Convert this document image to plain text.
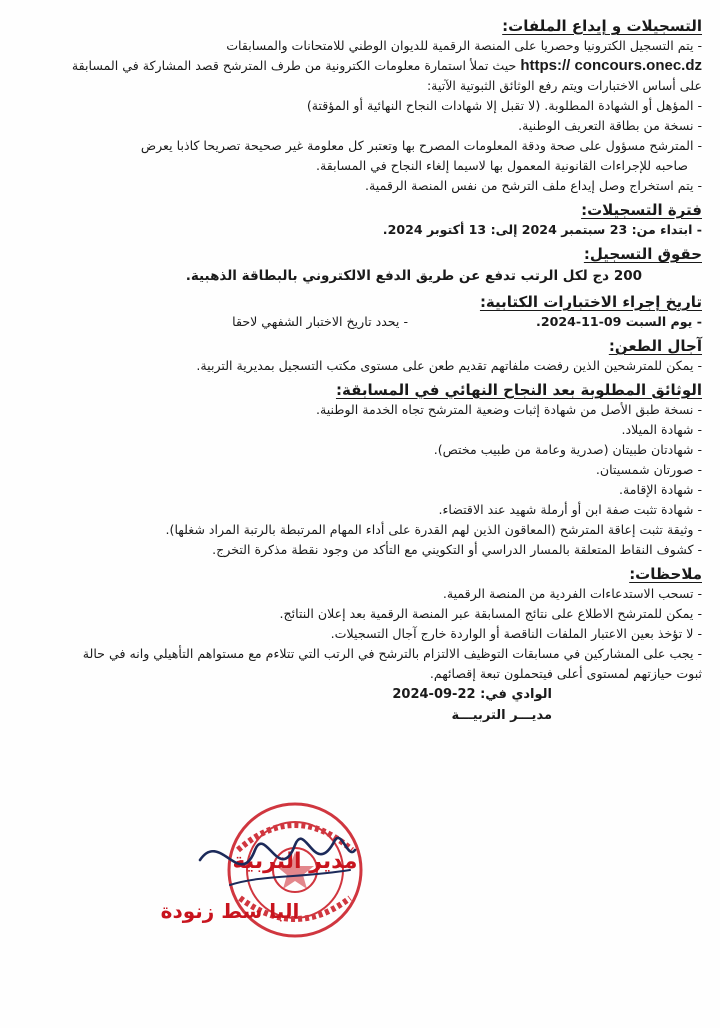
التسجيلات و إيداع الملفات:
- يتم التسجيل الكترونيا وحصريا على المنصة الرقمية للديوان الوطني للامتحانات والمسابقات
https:// concours.onec.dz حيث تملأ استمارة معلومات الكترونية من طرف المترشح قصد المشاركة في المسابقة
على أساس الاختبارات ويتم رفع الوثائق الثبوتية الآتية:
- المؤهل أو الشهادة المطلوبة. (لا تقبل إلا شهادات النجاح النهائية أو المؤقتة)
- نسخة من بطاقة التعريف الوطنية.
- المترشح مسؤول على صحة ودقة المعلومات المصرح بها وتعتبر كل معلومة غير صحيحة تصريحا كاذبا يعرض
صاحبه للإجراءات القانونية المعمول بها لاسيما إلغاء النجاح في المسابقة.
- يتم استخراج وصل إيداع ملف الترشح من نفس المنصة الرقمية.
فترة التسجيلات:
- ابتداء من: 23 سبتمبر 2024 إلى: 13 أكتوبر 2024.
حقوق التسجيل:
200 دج لكل الرتب تدفع عن طريق الدفع الالكتروني بالبطاقة الذهبية.
تاريخ إجراء الاختبارات الكتابية:
- يوم السبت 09-11-2024.  - يحدد تاريخ الاختبار الشفهي لاحقا
آجال الطعن:
- يمكن للمترشحين الذين رفضت ملفاتهم تقديم طعن على مستوى مكتب التسجيل بمديرية التربية.
الوثائق المطلوبة بعد النجاح النهائي في المسابقة:
- نسخة طبق الأصل من شهادة إثبات وضعية المترشح تجاه الخدمة الوطنية.
- شهادة الميلاد.
- شهادتان طبيتان (صدرية وعامة من طبيب مختص).
- صورتان شمسيتان.
- شهادة الإقامة.
- شهادة تثبت صفة ابن أو أرملة شهيد عند الاقتضاء.
- وثيقة تثبت إعاقة المترشح (المعاقون الذين لهم القدرة على أداء المهام المرتبطة بالرتبة المراد شغلها).
- كشوف النقاط المتعلقة بالمسار الدراسي أو التكويني مع التأكد من وجود نقطة مذكرة التخرج.
ملاحظات:
- تسحب الاستدعاءات الفردية من المنصة الرقمية.
- يمكن للمترشح الاطلاع على نتائج المسابقة عبر المنصة الرقمية بعد إعلان النتائج.
- لا تؤخذ بعين الاعتبار الملفات الناقصة أو الواردة خارج آجال التسجيلات.
- يجب على المشاركين في مسابقات التوظيف الالتزام بالترشح في الرتب التي تتلاءم مع مستواهم التأهيلي وانه في حالة
ثبوت حيازتهم لمستوى أعلى فيتحملون تبعة إقصائهم.
الوادي في: 22-09-2024
مديـــر التربيـــة
مدير التربية
البا سط زنودة
